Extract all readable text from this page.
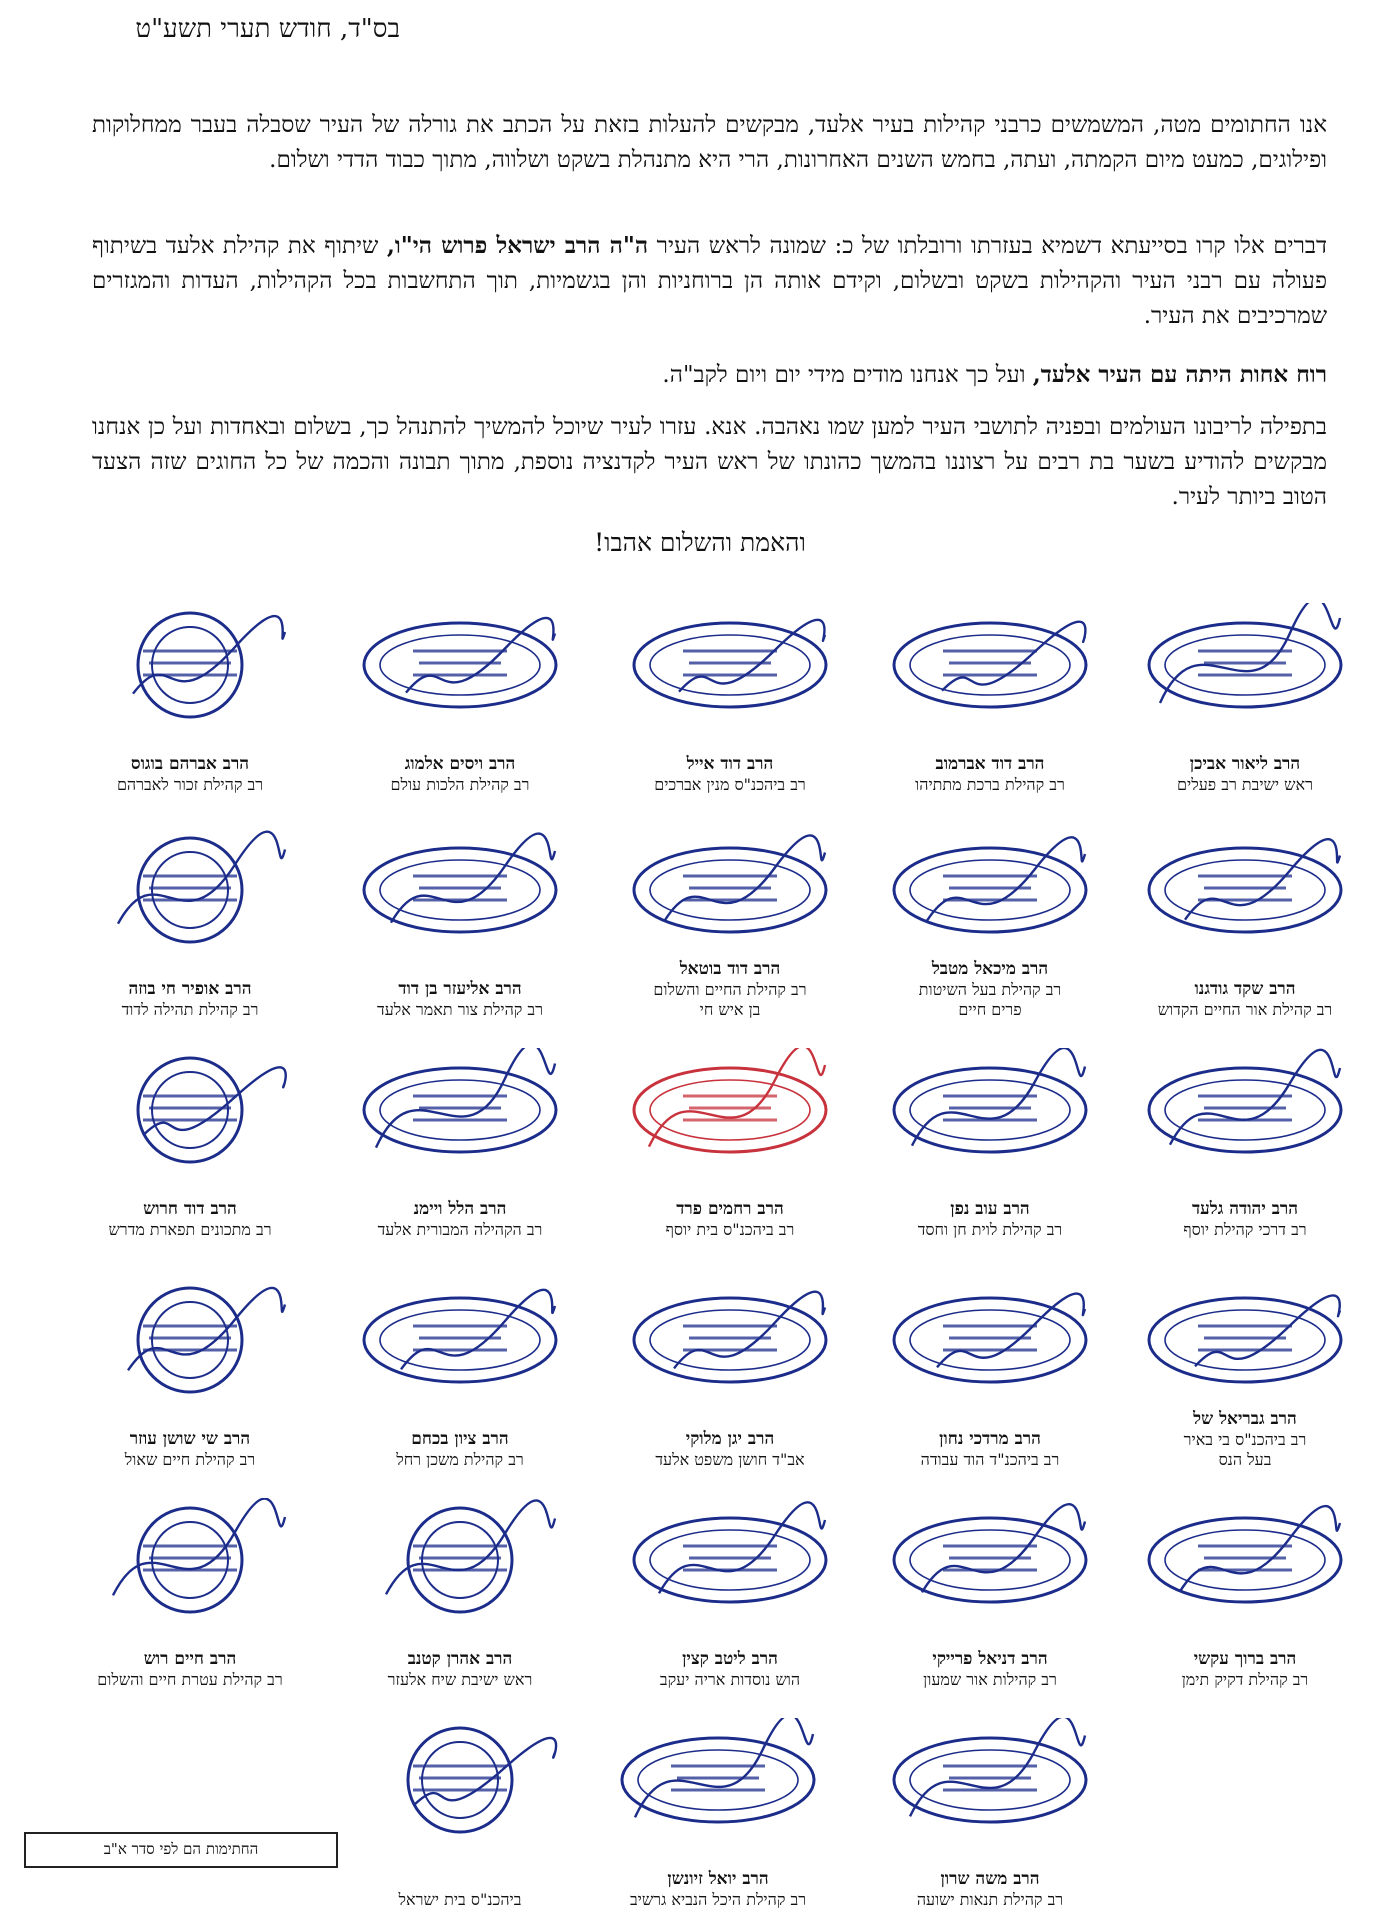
בס"ד, חודש תערי תשע"ט
אנו החתומים מטה, המשמשים כרבני קהילות בעיר אלעד, מבקשים להעלות בזאת על הכתב את גורלה של העיר שסבלה בעבר ממחלוקות ופילוגים, כמעט מיום הקמתה, ועתה, בחמש השנים האחרונות, הרי היא מתנהלת בשקט ושלווה, מתוך כבוד הדדי ושלום.
דברים אלו קרו בסייעתא דשמיא בעזרתו ורובלתו של כ: שמונה לראש העיר ה"ה הרב ישראל פרוש הי"ו, שיתוף את קהילת אלעד בשיתוף פעולה עם רבני העיר והקהילות בשקט ובשלום, וקידם אותה הן ברוחניות והן בגשמיות, תוך התחשבות בכל הקהילות, העדות והמגזרים שמרכיבים את העיר.
רוח אחות היתה עם העיר אלעד, ועל כך אנחנו מודים מידי יום ויום לקב"ה.
בתפילה לריבונו העולמים ובפניה לתושבי העיר למען שמו נאהבה. אנא. עזרו לעיר שיוכל להמשיך להתנהל כך, בשלום ובאחדות ועל כן אנחנו מבקשים להודיע בשער בת רבים על רצוננו בהמשך כהונתו של ראש העיר לקדנציה נוספת, מתוך תבונה והכמה של כל החוגים שזה הצעד הטוב ביותר לעיר.
והאמת והשלום אהבו!
הרב ליאור אביכן
ראש ישיבת רב פעלים
הרב דוד אברמוב
רב קהילת ברכת מתתיהו
הרב דוד אייל
רב ביהכנ"ס מנין אברכים
הרב ויסים אלמוג
רב קהילת הלכות עולם
הרב אברהם בוגוס
רב קהילת זכור לאברהם
הרב שקד גודגנו
רב קהילת אור החיים הקדוש
הרב מיכאל מטבל
רב קהילת בעל השיטות
פרים חיים
הרב דוד בוטאל
רב קהילת החיים והשלום
בן איש חי
הרב אליעזר בן דוד
רב קהילת צור תאמר אלעד
הרב אופיר חי בוזה
רב קהילת תהילה לדוד
הרב יהודה גלעד
רב דרכי קהילת יוסף
הרב עוב נפן
רב קהילת לוית חן וחסד
הרב רחמים פרד
רב ביהכנ"ס בית יוסף
הרב הלל ויימנ
רב הקהילה המבורית אלעד
הרב דוד חרוש
רב מתכונים תפארת מדרש
הרב גבריאל של
רב ביהכנ"ס בי באיר
בעל הנס
הרב מרדכי נחון
רב ביהכנ"ד הוד עבודה
הרב יגן מלוקי
אב"ד חושן משפט אלעד
הרב ציון בכחם
רב קהילת משכן רחל
הרב שי שושן עוזר
רב קהילת חיים שאול
הרב ברוך עקשי
רב קהילת דקיק תימן
הרב דניאל פרייקי
רב קהילות אור שמעון
הרב ליטב קצין
הוש נוסדות אריה יעקב
הרב אהרן קטנב
ראש ישיבת שיח אלעזר
הרב חיים רוש
רב קהילת עטרת חיים והשלום
הרב משה שרון
רב קהילת תנאות ישועה
הרב יואל זיונשן
רב קהילת היכל הנביא גרשיב
ביהכנ"ס בית ישראל
החתימות הם לפי סדר א"ב
